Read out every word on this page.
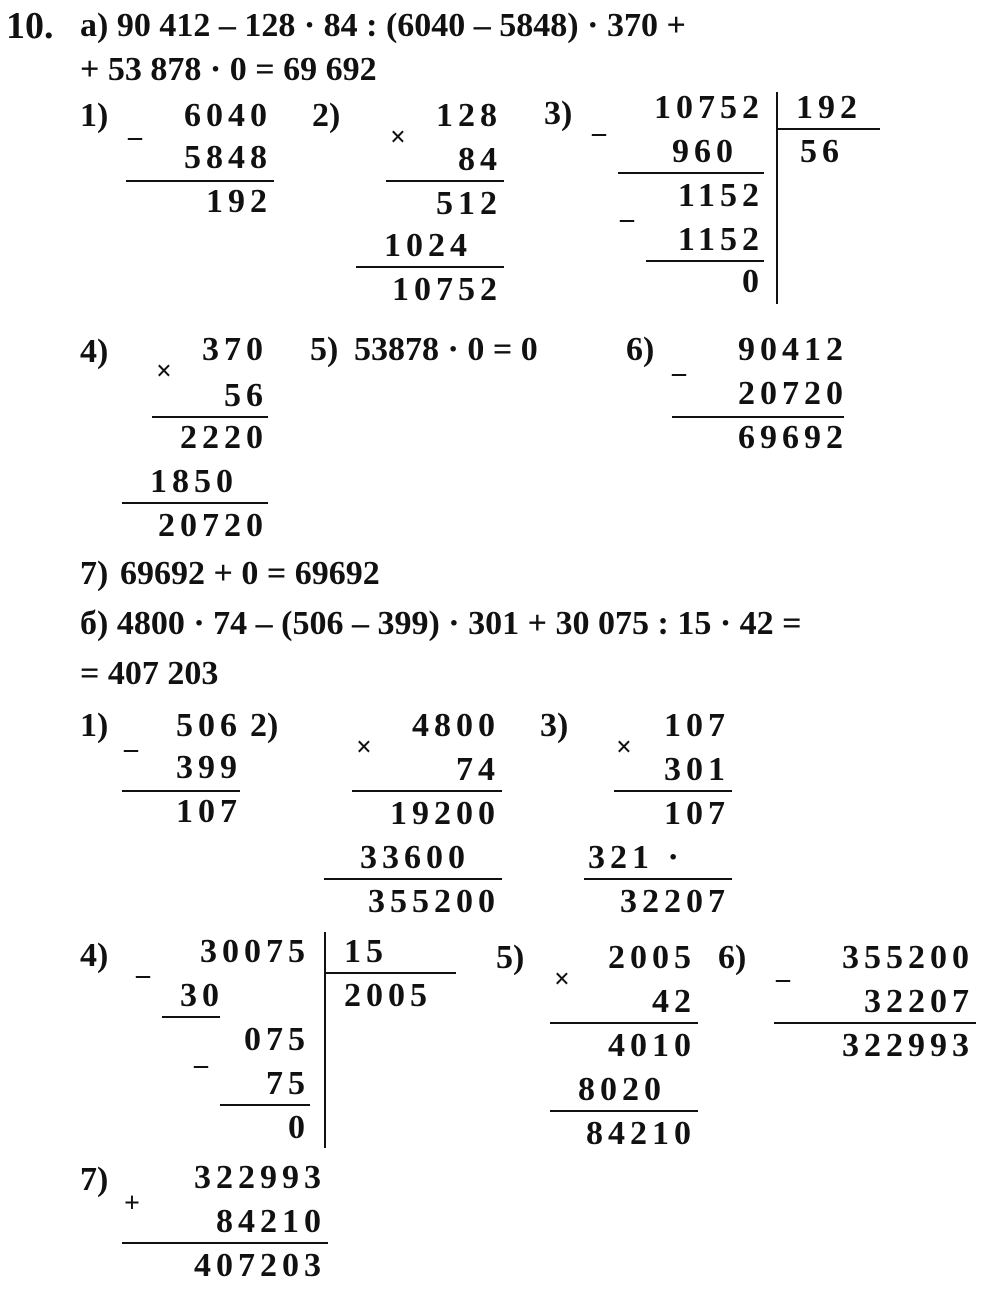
10. а) 90 412 – 128 · 84 : (6040 – 5848) · 370 +
+ 53 878 · 0 = 69 692
1) _ 6040
5848
192
2)
×
128
84
512
1024
10752
3) _ 10752
960
_ 1152
1152
0
192
56
4)
×
370
56
2220
1850
20720
5) 53878 · 0 = 0	6) _ 90412
20720
69692
7) 69692 + 0 = 69692
б) 4800 · 74 – (506 – 399) · 301 + 30 075 : 15 · 42 =
= 407 203
1) _ 506
399
107
2)
×
4800
74
19200
33600
355200
3)
×
107
301
107
321 ·
32207
4) _ 30075
30
_ 075
75
0
15
2005
5)
×
2005
42
4010
8020
84210
6) _ 355200
32207
322993
7)
+
322993
84210
407203
